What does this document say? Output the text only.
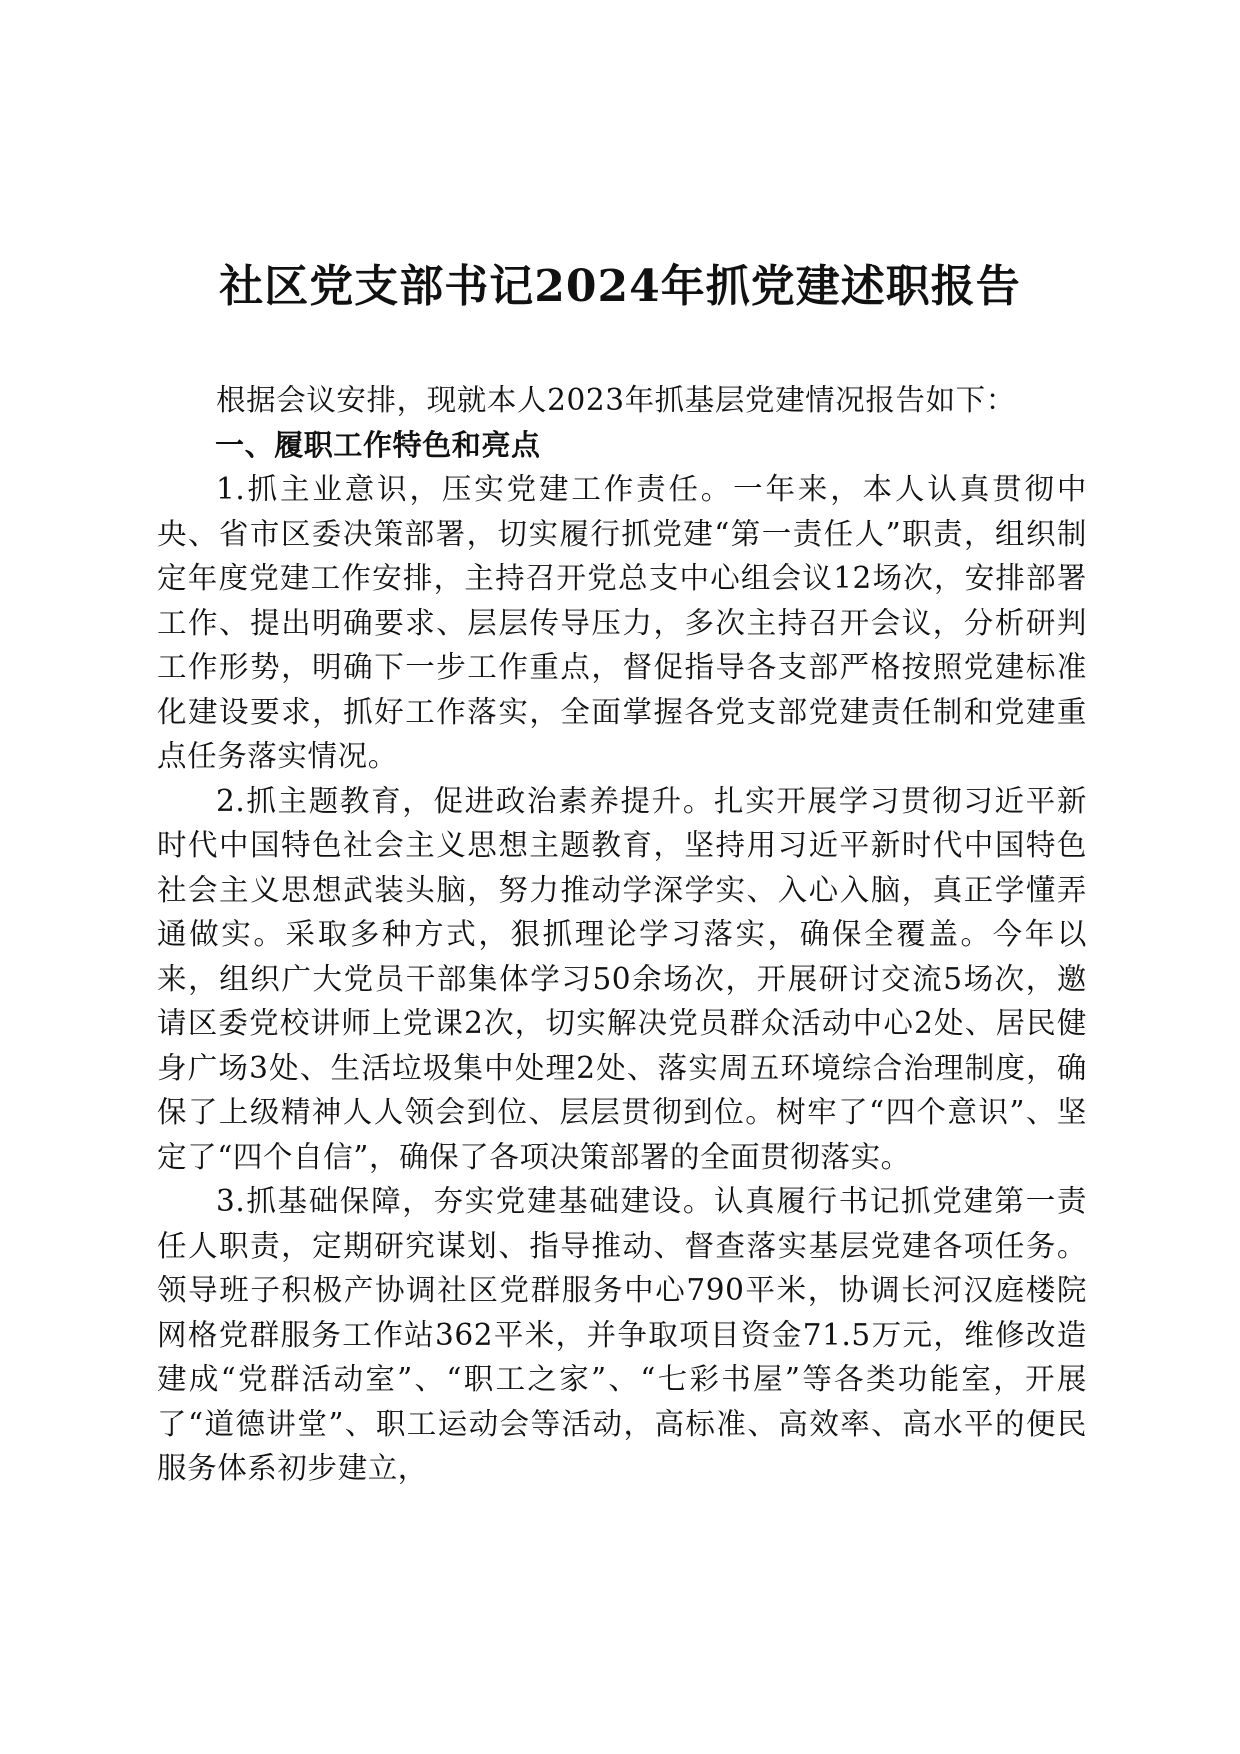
社区党支部书记2024年抓党建述职报告

根据会议安排，现就本人2023年抓基层党建情况报告如下：

一、履职工作特色和亮点

1.抓主业意识，压实党建工作责任。一年来，本人认真贯彻中央、省市区委决策部署，切实履行抓党建“第一责任人”职责，组织制定年度党建工作安排，主持召开党总支中心组会议12场次，安排部署工作、提出明确要求、层层传导压力，多次主持召开会议，分析研判工作形势，明确下一步工作重点，督促指导各支部严格按照党建标准化建设要求，抓好工作落实，全面掌握各党支部党建责任制和党建重点任务落实情况。

2.抓主题教育，促进政治素养提升。扎实开展学习贯彻习近平新时代中国特色社会主义思想主题教育，坚持用习近平新时代中国特色社会主义思想武装头脑，努力推动学深学实、入心入脑，真正学懂弄通做实。采取多种方式，狠抓理论学习落实，确保全覆盖。今年以来，组织广大党员干部集体学习50余场次，开展研讨交流5场次，邀请区委党校讲师上党课2次，切实解决党员群众活动中心2处、居民健身广场3处、生活垃圾集中处理2处、落实周五环境综合治理制度，确保了上级精神人人领会到位、层层贯彻到位。树牢了“四个意识”、坚定了“四个自信”，确保了各项决策部署的全面贯彻落实。

3.抓基础保障，夯实党建基础建设。认真履行书记抓党建第一责任人职责，定期研究谋划、指导推动、督查落实基层党建各项任务。领导班子积极产协调社区党群服务中心790平米，协调长河汉庭楼院网格党群服务工作站362平米，并争取项目资金71.5万元，维修改造建成“党群活动室”、“职工之家”、“七彩书屋”等各类功能室，开展了“道德讲堂”、职工运动会等活动，高标准、高效率、高水平的便民服务体系初步建立，
